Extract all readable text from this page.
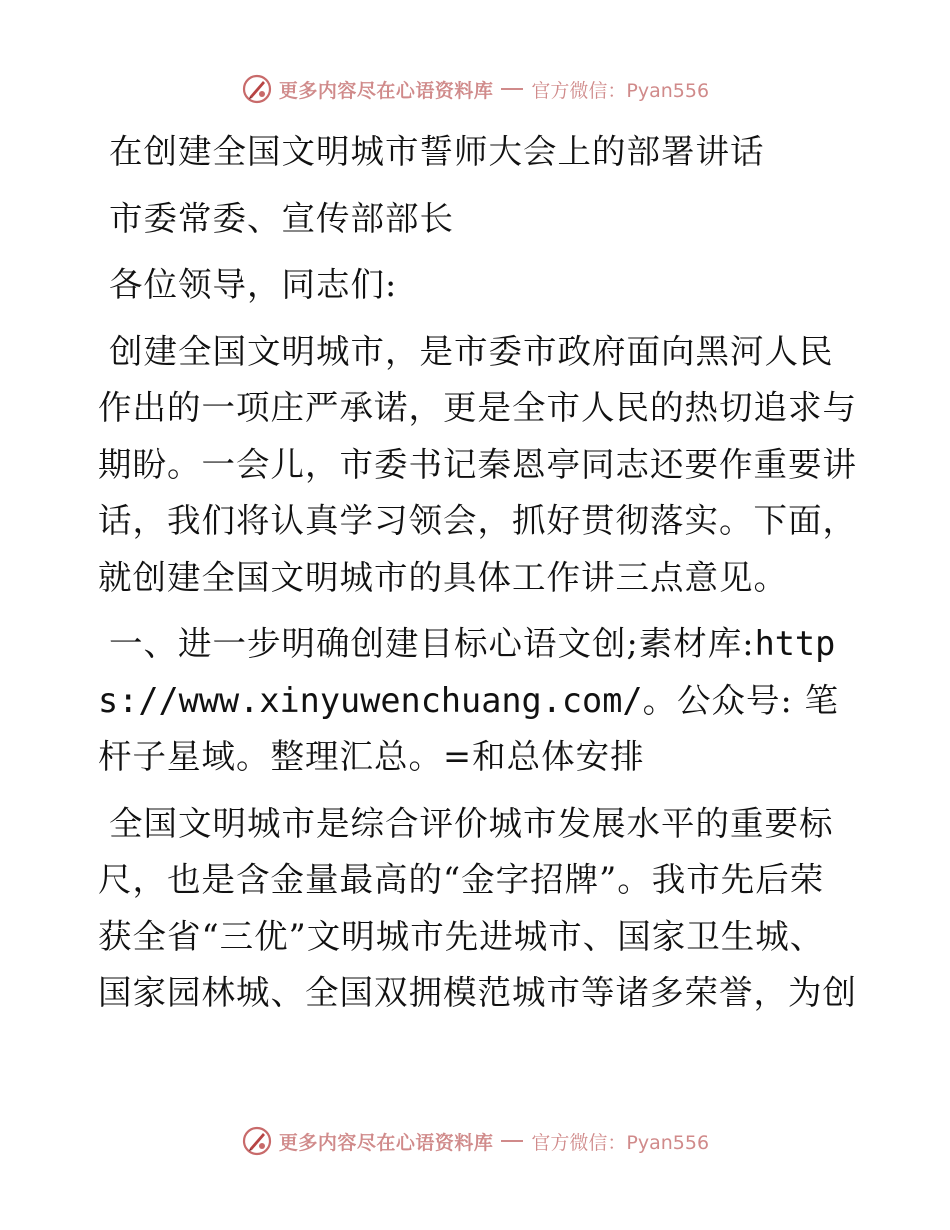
更多内容尽在心语资料库 官方微信：Pyan556

在创建全国文明城市誓师大会上的部署讲话

市委常委、宣传部部长

各位领导，同志们:

创建全国文明城市，是市委市政府面向黑河人民作出的一项庄严承诺，更是全市人民的热切追求与期盼。一会儿，市委书记秦恩亭同志还要作重要讲话，我们将认真学习领会，抓好贯彻落实。下面，就创建全国文明城市的具体工作讲三点意见。

一、进一步明确创建目标心语文创;素材库:https://www.xinyuwenchuang.com/。公众号: 笔杆子星域。整理汇总。=和总体安排

全国文明城市是综合评价城市发展水平的重要标尺，也是含金量最高的“金字招牌”。我市先后荣获全省“三优”文明城市先进城市、国家卫生城、国家园林城、全国双拥模范城市等诸多荣誉，为创

更多内容尽在心语资料库 官方微信：Pyan556
